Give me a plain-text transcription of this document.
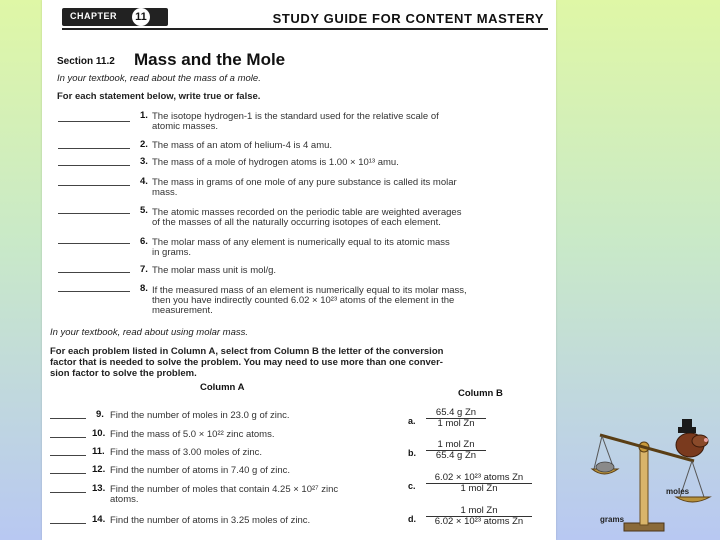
CHAPTER 11	STUDY GUIDE FOR CONTENT MASTERY
Section 11.2 Mass and the Mole
In your textbook, read about the mass of a mole.
For each statement below, write true or false.
1. The isotope hydrogen-1 is the standard used for the relative scale of
atomic masses.
2. The mass of an atom of helium-4 is 4 amu.
3. The mass of a mole of hydrogen atoms is 1.00 × 10¹³ amu.
4. The mass in grams of one mole of any pure substance is called its molar
mass.
5. The atomic masses recorded on the periodic table are weighted averages
of the masses of all the naturally occurring isotopes of each element.
6. The molar mass of any element is numerically equal to its atomic mass
in grams.
7. The molar mass unit is mol/g.
8. If the measured mass of an element is numerically equal to its molar mass,
then you have indirectly counted 6.02 × 10²³ atoms of the element in the
measurement.
In your textbook, read about using molar mass.
For each problem listed in Column A, select from Column B the letter of the conversion
factor that is needed to solve the problem. You may need to use more than one conver-
sion factor to solve the problem.
Column A
Column B
9. Find the number of moles in 23.0 g of zinc.
10. Find the mass of 5.0 × 10²² zinc atoms.
11. Find the mass of 3.00 moles of zinc.
12. Find the number of atoms in 7.40 g of zinc.
13. Find the number of moles that contain 4.25 × 10²⁷ zinc
atoms.
14. Find the number of atoms in 3.25 moles of zinc.
a.
65.4 g Zn
1 mol Zn
b.
1 mol Zn
65.4 g Zn
c.
6.02 × 10²³ atoms Zn
1 mol Zn
d.
1 mol Zn
6.02 × 10²³ atoms Zn	grams
moles
